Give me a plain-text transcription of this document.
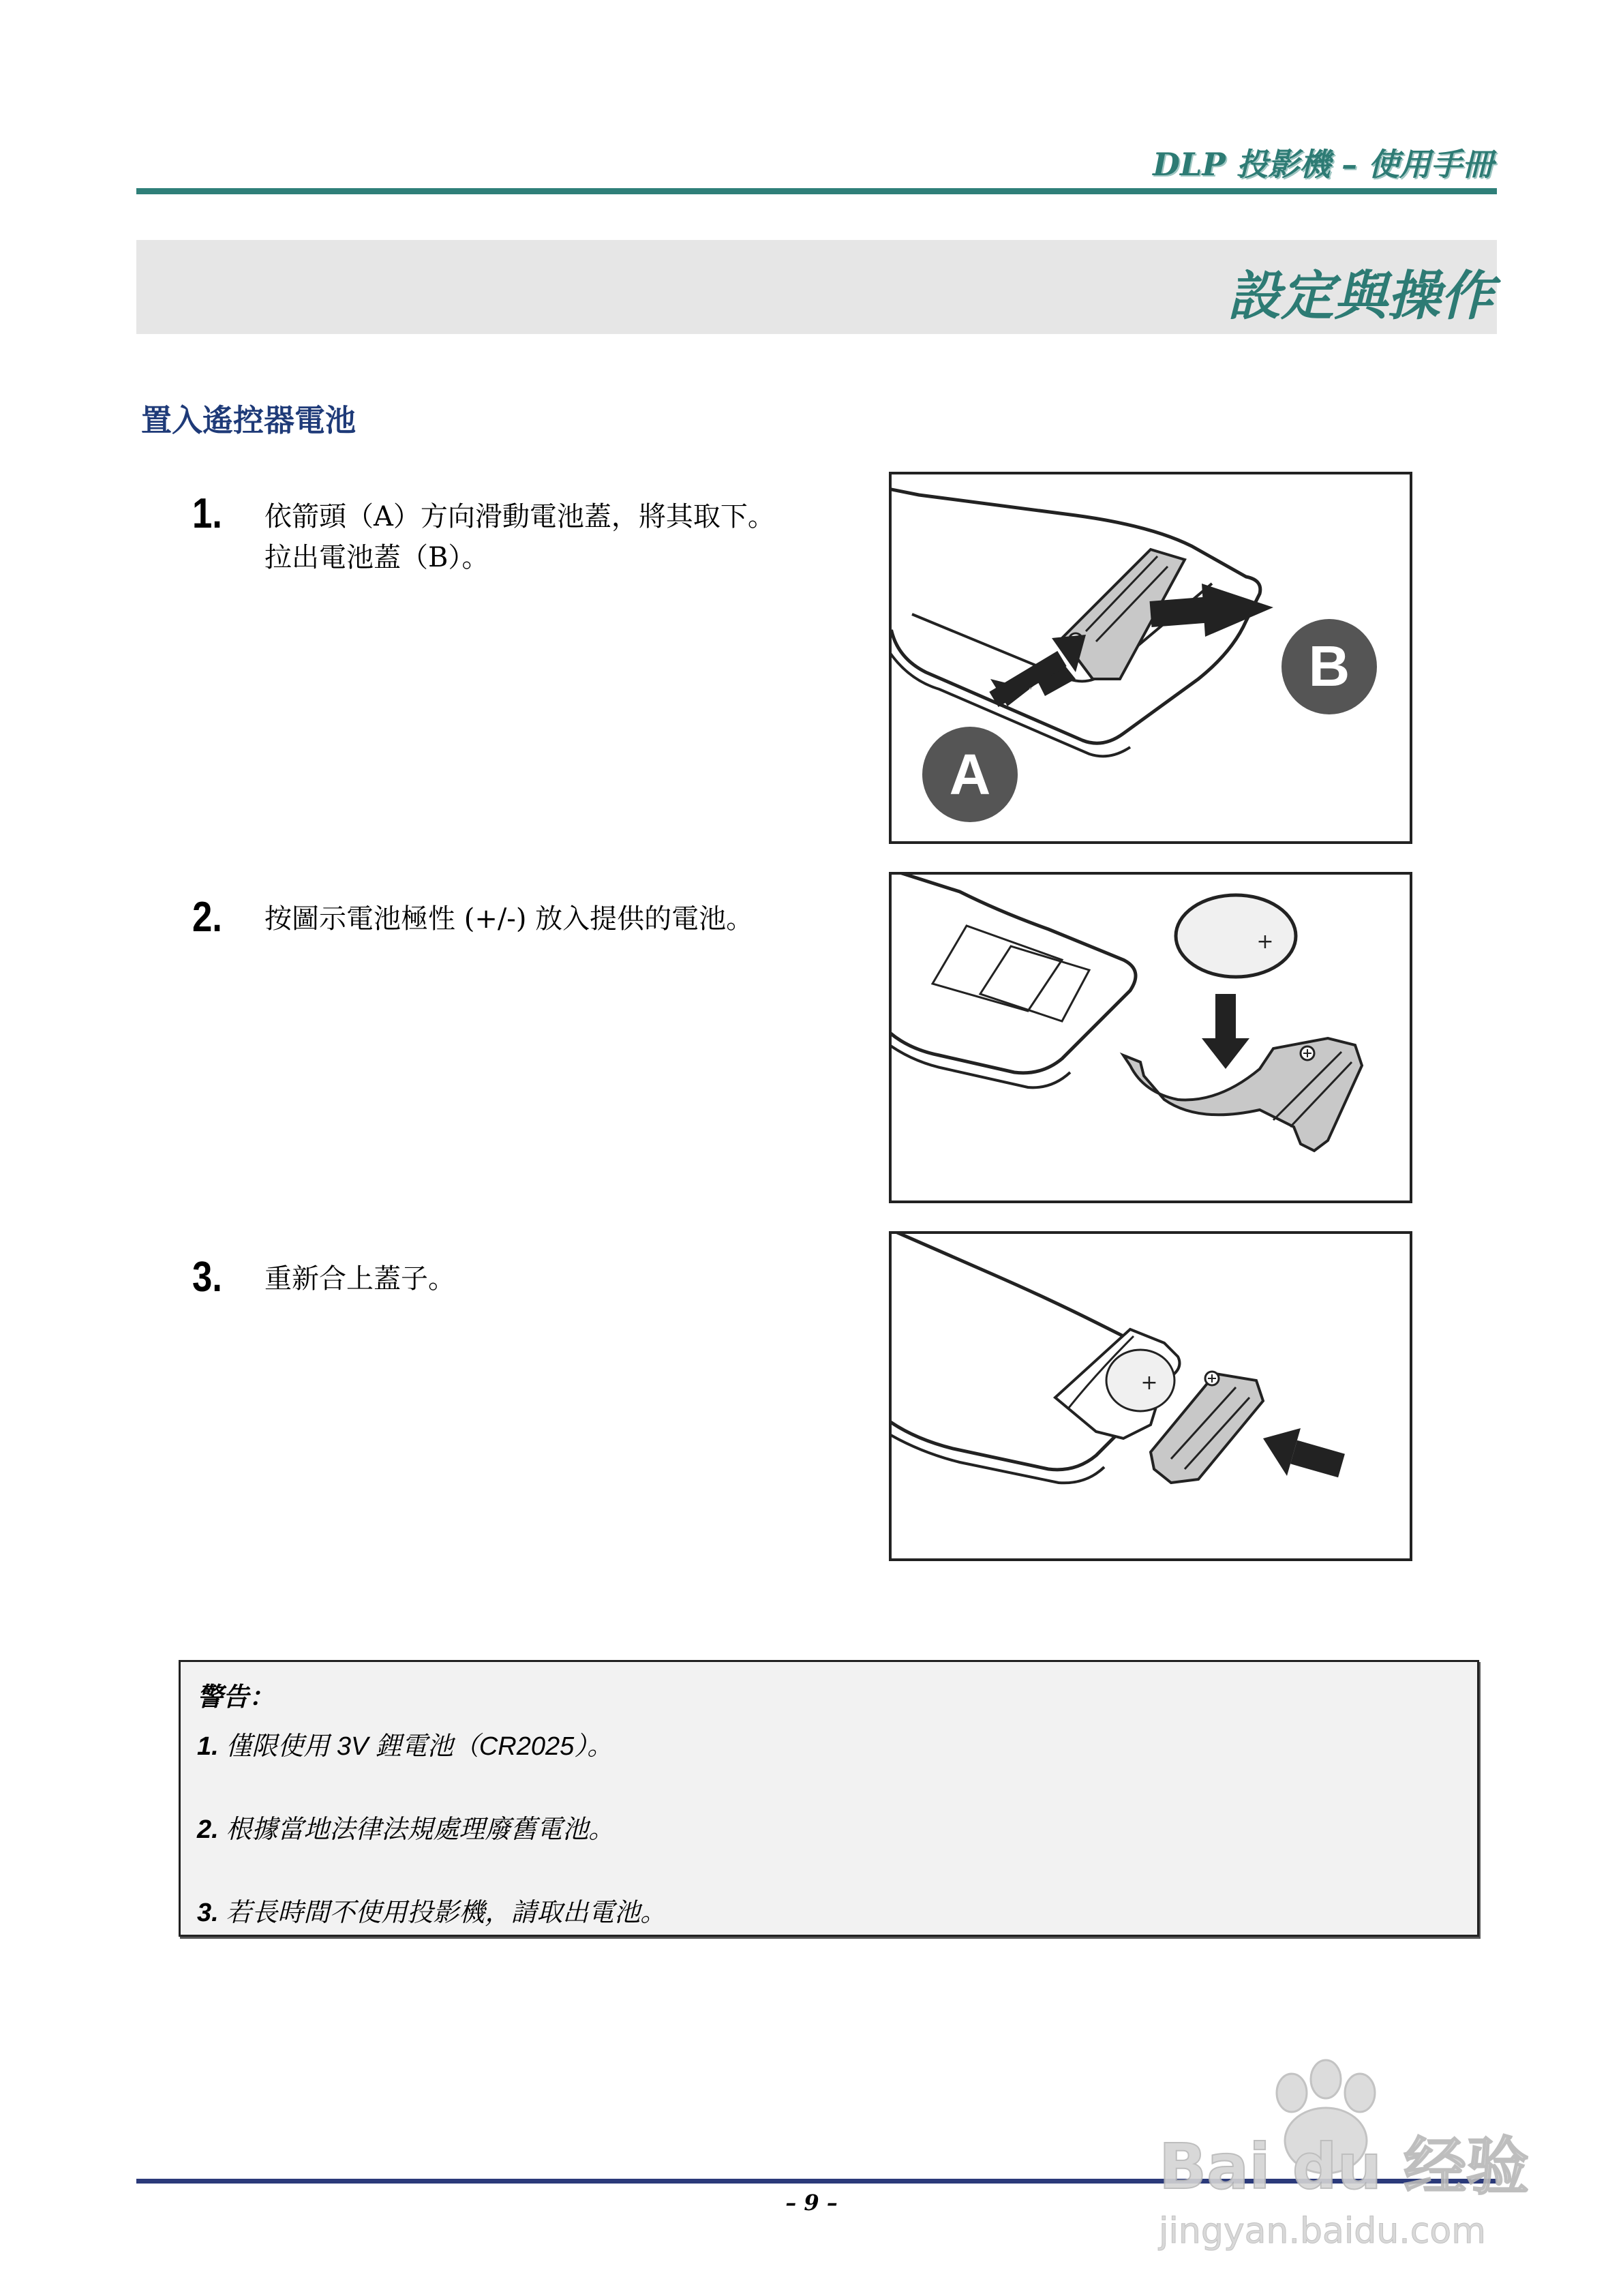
DLP 投影機 – 使用手冊
設定與操作
置入遙控器電池
1. 依箭頭（A）方向滑動電池蓋，將其取下。拉出電池蓋（B）。
2. 按圖示電池極性 (+/-) 放入提供的電池。
3. 重新合上蓋子。
B
A
+
+
警告：
1. 僅限使用 3V 鋰電池（CR2025）。
2. 根據當地法律法規處理廢舊電池。
3. 若長時間不使用投影機，請取出電池。
– 9 –	Bai du 经验
jingyan.baidu.com
